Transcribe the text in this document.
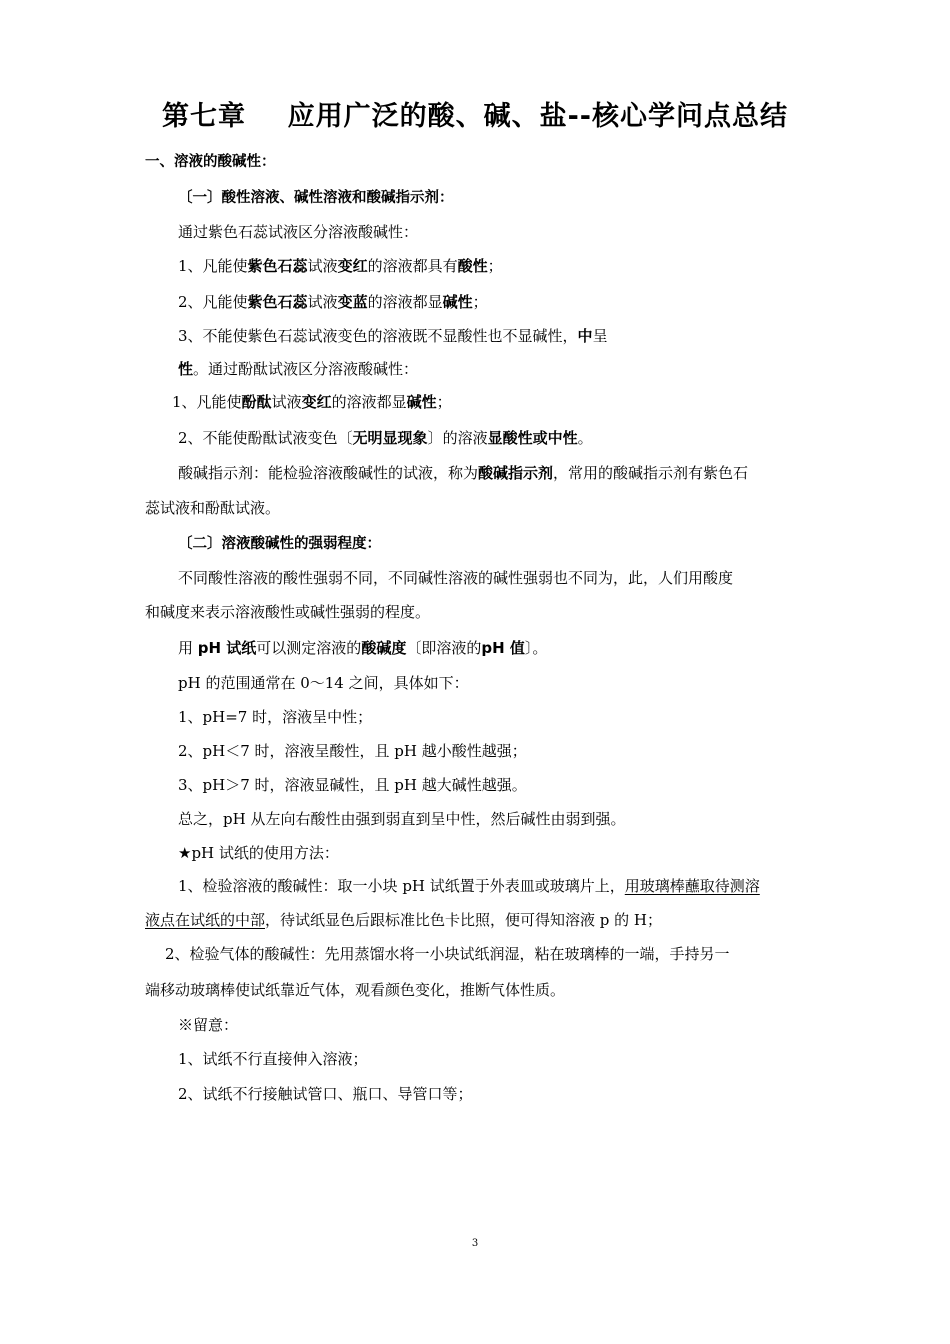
第七章    应用广泛的酸、碱、盐--核心学问点总结
一、溶液的酸碱性：
〔一〕酸性溶液、碱性溶液和酸碱指示剂：
通过紫色石蕊试液区分溶液酸碱性：
1、凡能使紫色石蕊试液变红的溶液都具有酸性；
2、凡能使紫色石蕊试液变蓝的溶液都显碱性；
3、不能使紫色石蕊试液变色的溶液既不显酸性也不显碱性，中呈
性。通过酚酞试液区分溶液酸碱性：
1、凡能使酚酞试液变红的溶液都显碱性；
2、不能使酚酞试液变色〔无明显现象〕的溶液显酸性或中性。
酸碱指示剂：能检验溶液酸碱性的试液，称为酸碱指示剂，常用的酸碱指示剂有紫色石
蕊试液和酚酞试液。
〔二〕溶液酸碱性的强弱程度：
不同酸性溶液的酸性强弱不同，不同碱性溶液的碱性强弱也不同为，此，人们用酸度
和碱度来表示溶液酸性或碱性强弱的程度。
用 pH 试纸可以测定溶液的酸碱度〔即溶液的pH 值〕。
pH 的范围通常在 0～14 之间，具体如下：
1、pH=7 时，溶液呈中性；
2、pH＜7 时，溶液呈酸性，且 pH 越小酸性越强；
3、pH＞7 时，溶液显碱性，且 pH 越大碱性越强。
总之，pH 从左向右酸性由强到弱直到呈中性，然后碱性由弱到强。
★pH 试纸的使用方法：
1、检验溶液的酸碱性：取一小块 pH 试纸置于外表皿或玻璃片上，用玻璃棒蘸取待测溶
液点在试纸的中部，待试纸显色后跟标准比色卡比照，便可得知溶液 p 的 H；
2、检验气体的酸碱性：先用蒸馏水将一小块试纸润湿，粘在玻璃棒的一端，手持另一
端移动玻璃棒使试纸靠近气体，观看颜色变化，推断气体性质。
※留意：
1、试纸不行直接伸入溶液；
2、试纸不行接触试管口、瓶口、导管口等；
3
